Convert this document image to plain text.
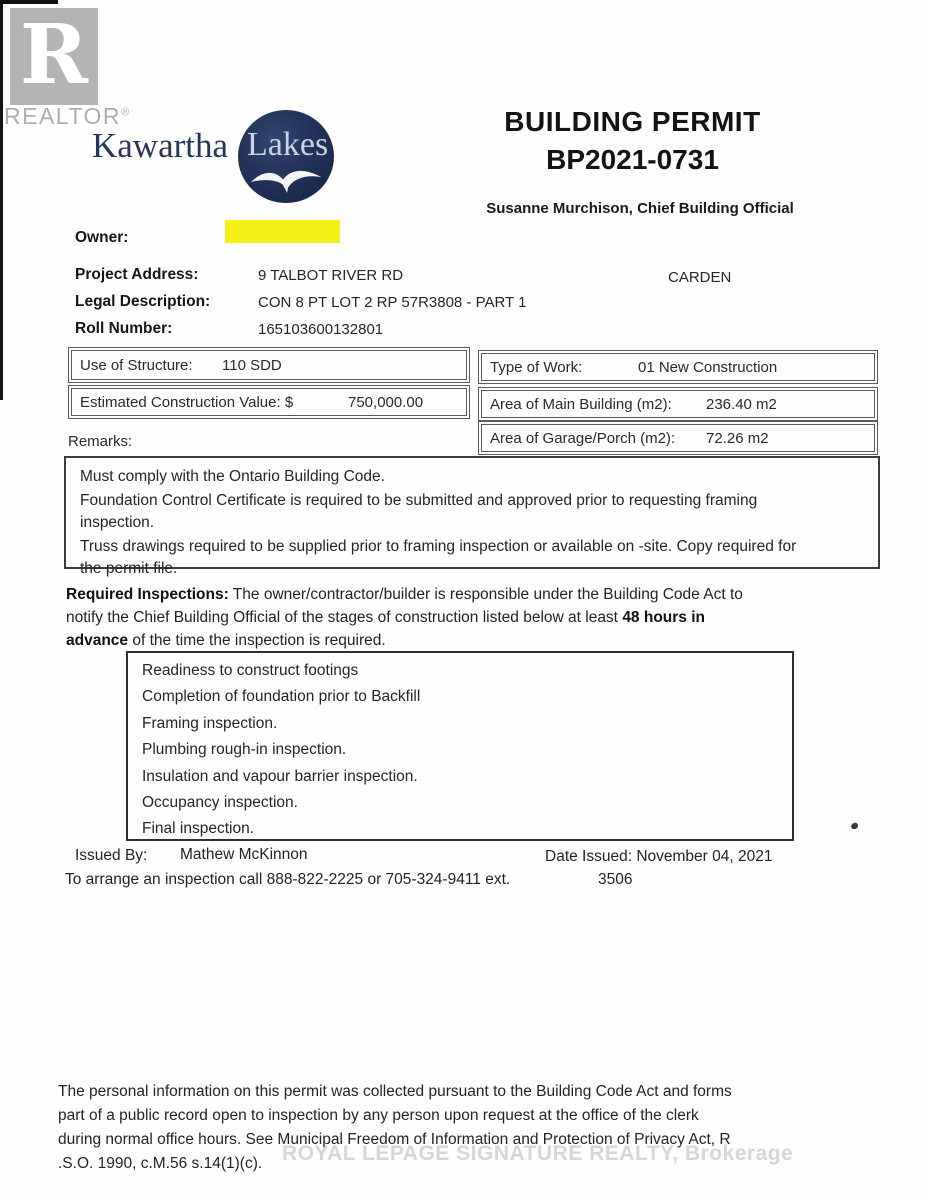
R
REALTOR®
Kawartha Lakes
BUILDING PERMIT
BP2021-0731
Susanne Murchison, Chief Building Official
Owner:
Project Address:	9 TALBOT RIVER RD	CARDEN
Legal Description:	CON 8 PT LOT 2 RP 57R3808 - PART 1
Roll Number:	165103600132801
Use of Structure:	110 SDD	Type of Work:	01 New Construction
Estimated Construction Value: $	750,000.00	Area of Main Building (m2):	236.40 m2
Area of Garage/Porch (m2):	72.26 m2
Remarks:

Must comply with the Ontario Building Code.

Foundation Control Certificate is required to be submitted and approved prior to requesting framing inspection.

Truss drawings required to be supplied prior to framing inspection or available on -site. Copy required for the permit file.

Required Inspections: The owner/contractor/builder is responsible under the Building Code Act to notify the Chief Building Official of the stages of construction listed below at least 48 hours in advance of the time the inspection is required.

Readiness to construct footings

Completion of foundation prior to Backfill

Framing inspection.

Plumbing rough-in inspection.

Insulation and vapour barrier inspection.

Occupancy inspection.

Final inspection.

Issued By: Mathew McKinnon	Date Issued: November 04, 2021
To arrange an inspection call 888-822-2225 or 705-324-9411 ext.	3506
The personal information on this permit was collected pursuant to the Building Code Act and forms
part of a public record open to inspection by any person upon request at the office of the clerk
during normal office hours. See Municipal Freedom of Information and Protection of Privacy Act, R
.S.O. 1990, c.M.56 s.14(1)(c). ROYAL LEPAGE SIGNATURE REALTY, Brokerage
